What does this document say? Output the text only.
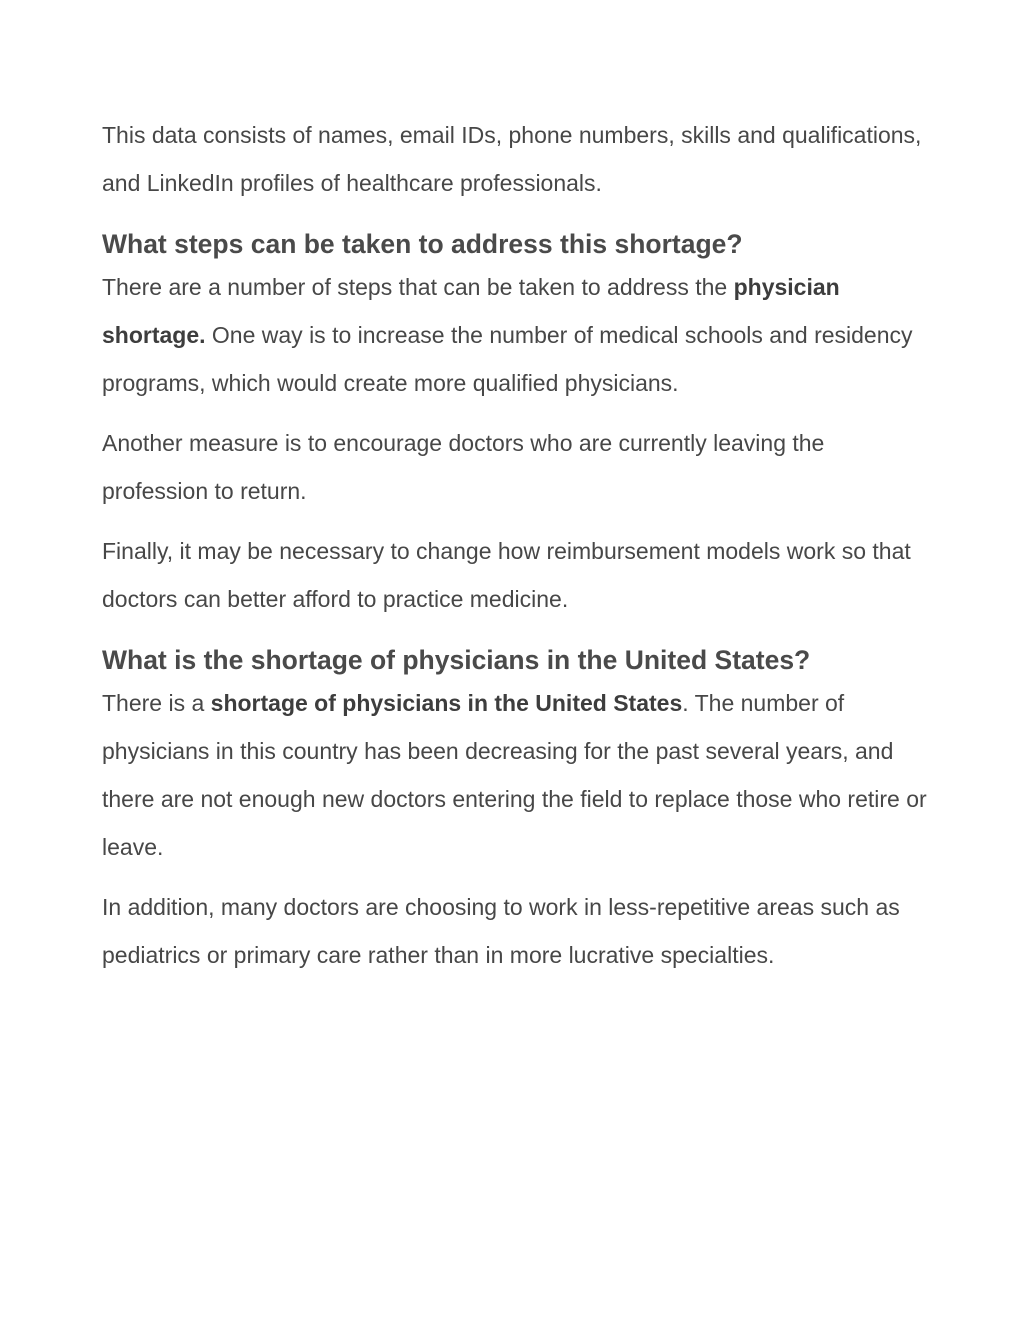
This data consists of names, email IDs, phone numbers, skills and qualifications, and LinkedIn profiles of healthcare professionals.

What steps can be taken to address this shortage?

There are a number of steps that can be taken to address the physician shortage. One way is to increase the number of medical schools and residency programs, which would create more qualified physicians.

Another measure is to encourage doctors who are currently leaving the profession to return.

Finally, it may be necessary to change how reimbursement models work so that doctors can better afford to practice medicine.

What is the shortage of physicians in the United States?

There is a shortage of physicians in the United States. The number of physicians in this country has been decreasing for the past several years, and there are not enough new doctors entering the field to replace those who retire or leave.

In addition, many doctors are choosing to work in less-repetitive areas such as pediatrics or primary care rather than in more lucrative specialties.
